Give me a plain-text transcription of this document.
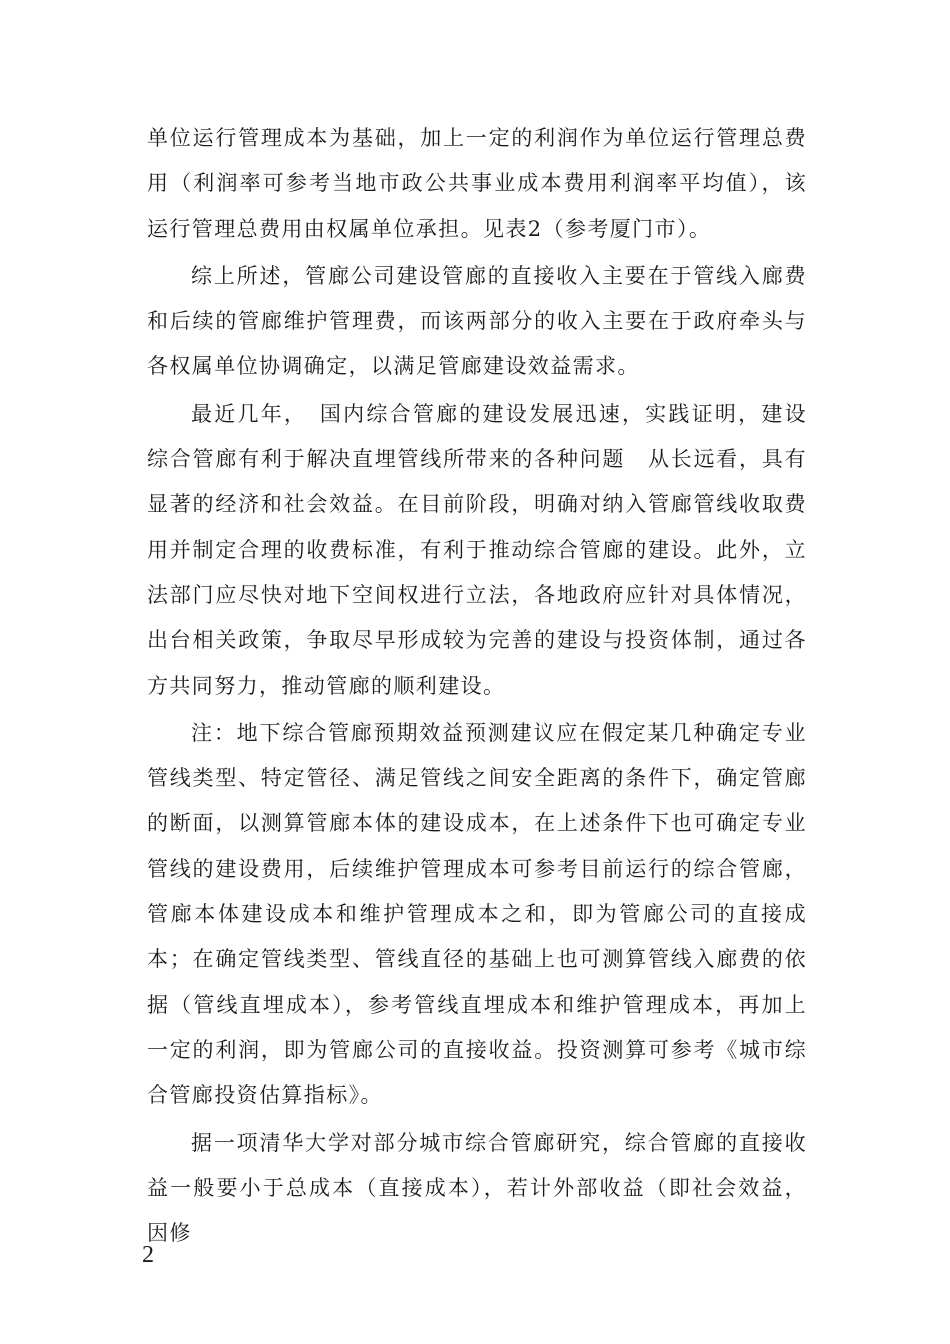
单位运行管理成本为基础，加上一定的利润作为单位运行管理总费用（利润率可参考当地市政公共事业成本费用利润率平均值），该运行管理总费用由权属单位承担。见表2（参考厦门市）。

综上所述，管廊公司建设管廊的直接收入主要在于管线入廊费和后续的管廊维护管理费，而该两部分的收入主要在于政府牵头与各权属单位协调确定，以满足管廊建设效益需求。

最近几年，　国内综合管廊的建设发展迅速，实践证明，建设综合管廊有利于解决直埋管线所带来的各种问题　从长远看，具有显著的经济和社会效益。在目前阶段，明确对纳入管廊管线收取费用并制定合理的收费标准，有利于推动综合管廊的建设。此外，立法部门应尽快对地下空间权进行立法，各地政府应针对具体情况，出台相关政策，争取尽早形成较为完善的建设与投资体制，通过各方共同努力，推动管廊的顺利建设。

注：地下综合管廊预期效益预测建议应在假定某几种确定专业管线类型、特定管径、满足管线之间安全距离的条件下，确定管廊的断面，以测算管廊本体的建设成本，在上述条件下也可确定专业管线的建设费用，后续维护管理成本可参考目前运行的综合管廊，管廊本体建设成本和维护管理成本之和，即为管廊公司的直接成本；在确定管线类型、管线直径的基础上也可测算管线入廊费的依据（管线直埋成本），参考管线直埋成本和维护管理成本，再加上一定的利润，即为管廊公司的直接收益。投资测算可参考《城市综合管廊投资估算指标》。

据一项清华大学对部分城市综合管廊研究，综合管廊的直接收益一般要小于总成本（直接成本），若计外部收益（即社会效益，因修

2
